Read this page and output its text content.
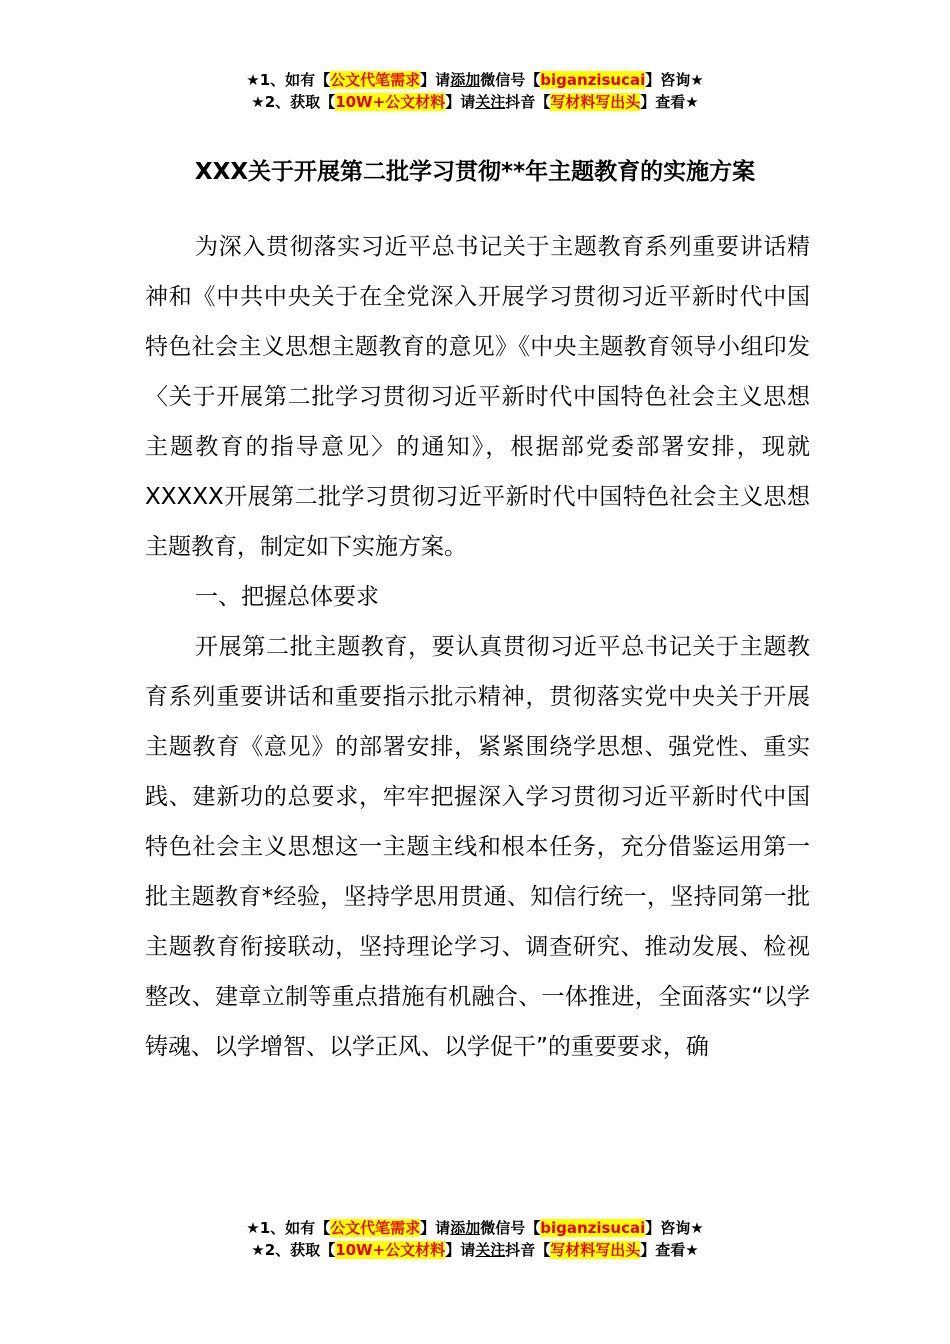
★1、如有【公文代笔需求】请添加微信号【biganzisucai】咨询★
★2、获取【10W+公文材料】请关注抖音【写材料写出头】查看★
XXX关于开展第二批学习贯彻**年主题教育的实施方案

为深入贯彻落实习近平总书记关于主题教育系列重要讲话精神和《中共中央关于在全党深入开展学习贯彻习近平新时代中国特色社会主义思想主题教育的意见》《中央主题教育领导小组印发〈关于开展第二批学习贯彻习近平新时代中国特色社会主义思想主题教育的指导意见〉的通知》，根据部党委部署安排，现就XXXXX开展第二批学习贯彻习近平新时代中国特色社会主义思想主题教育，制定如下实施方案。

一、把握总体要求

开展第二批主题教育，要认真贯彻习近平总书记关于主题教育系列重要讲话和重要指示批示精神，贯彻落实党中央关于开展主题教育《意见》的部署安排，紧紧围绕学思想、强党性、重实践、建新功的总要求，牢牢把握深入学习贯彻习近平新时代中国特色社会主义思想这一主题主线和根本任务，充分借鉴运用第一批主题教育*经验，坚持学思用贯通、知信行统一，坚持同第一批主题教育衔接联动，坚持理论学习、调查研究、推动发展、检视整改、建章立制等重点措施有机融合、一体推进，全面落实“以学铸魂、以学增智、以学正风、以学促干”的重要要求，确

★1、如有【公文代笔需求】请添加微信号【biganzisucai】咨询★
★2、获取【10W+公文材料】请关注抖音【写材料写出头】查看★
